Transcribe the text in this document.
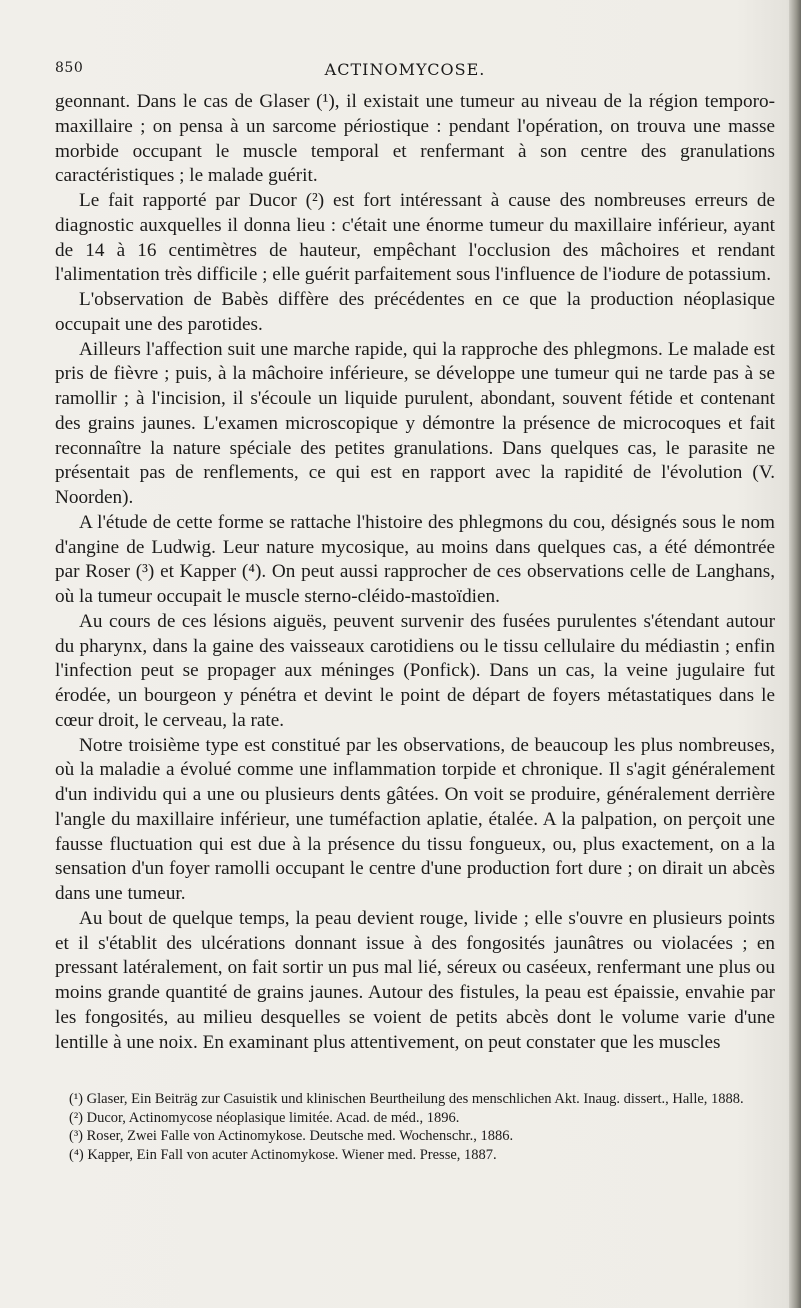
850	ACTINOMYCOSE.

geonnant. Dans le cas de Glaser (¹), il existait une tumeur au niveau de la région temporo-maxillaire ; on pensa à un sarcome périostique : pendant l'opération, on trouva une masse morbide occupant le muscle temporal et renfermant à son centre des granulations caractéristiques ; le malade guérit.

Le fait rapporté par Ducor (²) est fort intéressant à cause des nombreuses erreurs de diagnostic auxquelles il donna lieu : c'était une énorme tumeur du maxillaire inférieur, ayant de 14 à 16 centimètres de hauteur, empêchant l'occlusion des mâchoires et rendant l'alimentation très difficile ; elle guérit parfaitement sous l'influence de l'iodure de potassium.

L'observation de Babès diffère des précédentes en ce que la production néoplasique occupait une des parotides.

Ailleurs l'affection suit une marche rapide, qui la rapproche des phlegmons. Le malade est pris de fièvre ; puis, à la mâchoire inférieure, se développe une tumeur qui ne tarde pas à se ramollir ; à l'incision, il s'écoule un liquide purulent, abondant, souvent fétide et contenant des grains jaunes. L'examen microscopique y démontre la présence de microcoques et fait reconnaître la nature spéciale des petites granulations. Dans quelques cas, le parasite ne présentait pas de renflements, ce qui est en rapport avec la rapidité de l'évolution (V. Noorden).

A l'étude de cette forme se rattache l'histoire des phlegmons du cou, désignés sous le nom d'angine de Ludwig. Leur nature mycosique, au moins dans quelques cas, a été démontrée par Roser (³) et Kapper (⁴). On peut aussi rapprocher de ces observations celle de Langhans, où la tumeur occupait le muscle sterno-cléido-mastoïdien.

Au cours de ces lésions aiguës, peuvent survenir des fusées purulentes s'étendant autour du pharynx, dans la gaine des vaisseaux carotidiens ou le tissu cellulaire du médiastin ; enfin l'infection peut se propager aux méninges (Ponfick). Dans un cas, la veine jugulaire fut érodée, un bourgeon y pénétra et devint le point de départ de foyers métastatiques dans le cœur droit, le cerveau, la rate.

Notre troisième type est constitué par les observations, de beaucoup les plus nombreuses, où la maladie a évolué comme une inflammation torpide et chronique. Il s'agit généralement d'un individu qui a une ou plusieurs dents gâtées. On voit se produire, généralement derrière l'angle du maxillaire inférieur, une tuméfaction aplatie, étalée. A la palpation, on perçoit une fausse fluctuation qui est due à la présence du tissu fongueux, ou, plus exactement, on a la sensation d'un foyer ramolli occupant le centre d'une production fort dure ; on dirait un abcès dans une tumeur.

Au bout de quelque temps, la peau devient rouge, livide ; elle s'ouvre en plusieurs points et il s'établit des ulcérations donnant issue à des fongosités jaunâtres ou violacées ; en pressant latéralement, on fait sortir un pus mal lié, séreux ou caséeux, renfermant une plus ou moins grande quantité de grains jaunes. Autour des fistules, la peau est épaissie, envahie par les fongosités, au milieu desquelles se voient de petits abcès dont le volume varie d'une lentille à une noix. En examinant plus attentivement, on peut constater que les muscles

(¹) Glaser, Ein Beiträg zur Casuistik und klinischen Beurtheilung des menschlichen Akt. Inaug. dissert., Halle, 1888.

(²) Ducor, Actinomycose néoplasique limitée. Acad. de méd., 1896.

(³) Roser, Zwei Falle von Actinomykose. Deutsche med. Wochenschr., 1886.

(⁴) Kapper, Ein Fall von acuter Actinomykose. Wiener med. Presse, 1887.
